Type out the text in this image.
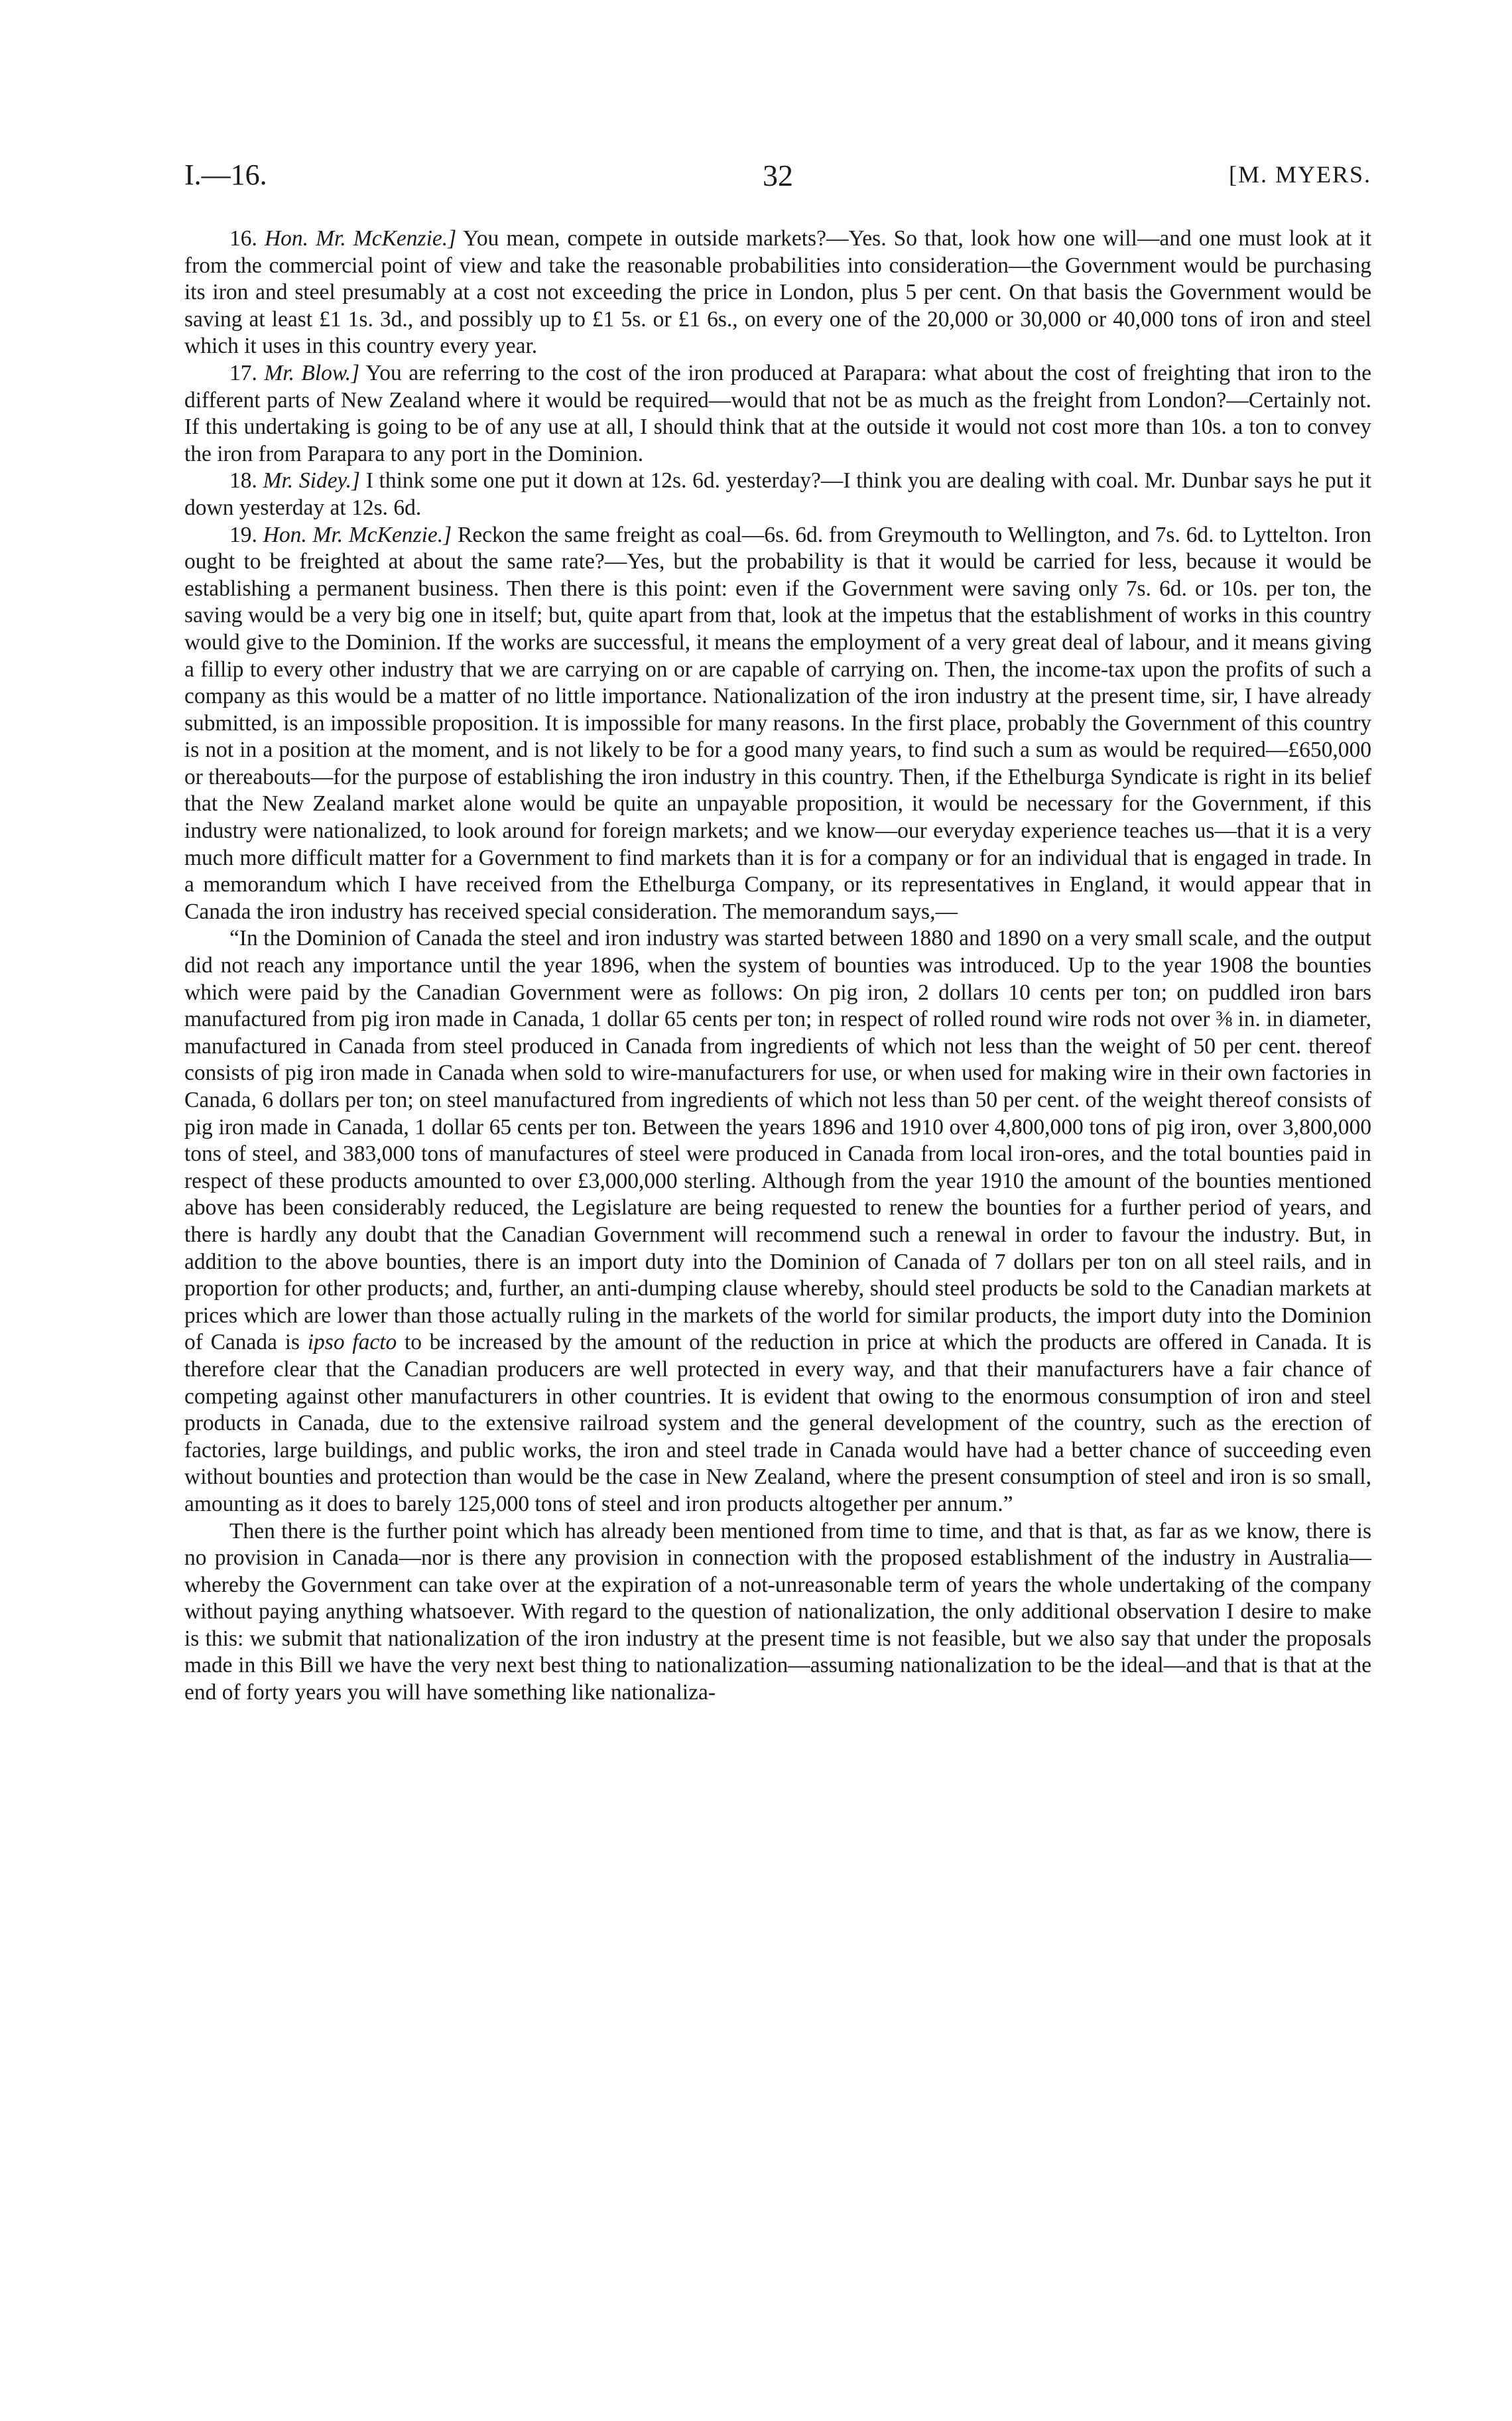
I.—16.	32	[M. MYERS.

16. Hon. Mr. McKenzie.] You mean, compete in outside markets?—Yes. So that, look how one will—and one must look at it from the commercial point of view and take the reasonable probabilities into consideration—the Government would be purchasing its iron and steel presumably at a cost not exceeding the price in London, plus 5 per cent. On that basis the Government would be saving at least £1 1s. 3d., and possibly up to £1 5s. or £1 6s., on every one of the 20,000 or 30,000 or 40,000 tons of iron and steel which it uses in this country every year.

17. Mr. Blow.] You are referring to the cost of the iron produced at Parapara: what about the cost of freighting that iron to the different parts of New Zealand where it would be required—would that not be as much as the freight from London?—Certainly not. If this undertaking is going to be of any use at all, I should think that at the outside it would not cost more than 10s. a ton to convey the iron from Parapara to any port in the Dominion.

18. Mr. Sidey.] I think some one put it down at 12s. 6d. yesterday?—I think you are dealing with coal. Mr. Dunbar says he put it down yesterday at 12s. 6d.

19. Hon. Mr. McKenzie.] Reckon the same freight as coal—6s. 6d. from Greymouth to Wellington, and 7s. 6d. to Lyttelton. Iron ought to be freighted at about the same rate?—Yes, but the probability is that it would be carried for less, because it would be establishing a permanent business. Then there is this point: even if the Government were saving only 7s. 6d. or 10s. per ton, the saving would be a very big one in itself; but, quite apart from that, look at the impetus that the establishment of works in this country would give to the Dominion. If the works are successful, it means the employment of a very great deal of labour, and it means giving a fillip to every other industry that we are carrying on or are capable of carrying on. Then, the income-tax upon the profits of such a company as this would be a matter of no little importance. Nationalization of the iron industry at the present time, sir, I have already submitted, is an impossible proposition. It is impossible for many reasons. In the first place, probably the Government of this country is not in a position at the moment, and is not likely to be for a good many years, to find such a sum as would be required—£650,000 or thereabouts—for the purpose of establishing the iron industry in this country. Then, if the Ethelburga Syndicate is right in its belief that the New Zealand market alone would be quite an unpayable proposition, it would be necessary for the Government, if this industry were nationalized, to look around for foreign markets; and we know—our everyday experience teaches us—that it is a very much more difficult matter for a Government to find markets than it is for a company or for an individual that is engaged in trade. In a memorandum which I have received from the Ethelburga Company, or its representatives in England, it would appear that in Canada the iron industry has received special consideration. The memorandum says,—

“In the Dominion of Canada the steel and iron industry was started between 1880 and 1890 on a very small scale, and the output did not reach any importance until the year 1896, when the system of bounties was introduced. Up to the year 1908 the bounties which were paid by the Canadian Government were as follows: On pig iron, 2 dollars 10 cents per ton; on puddled iron bars manufactured from pig iron made in Canada, 1 dollar 65 cents per ton; in respect of rolled round wire rods not over ⅜ in. in diameter, manufactured in Canada from steel produced in Canada from ingredients of which not less than the weight of 50 per cent. thereof consists of pig iron made in Canada when sold to wire-manufacturers for use, or when used for making wire in their own factories in Canada, 6 dollars per ton; on steel manufactured from ingredients of which not less than 50 per cent. of the weight thereof consists of pig iron made in Canada, 1 dollar 65 cents per ton. Between the years 1896 and 1910 over 4,800,000 tons of pig iron, over 3,800,000 tons of steel, and 383,000 tons of manufactures of steel were produced in Canada from local iron-ores, and the total bounties paid in respect of these products amounted to over £3,000,000 sterling. Although from the year 1910 the amount of the bounties mentioned above has been considerably reduced, the Legislature are being requested to renew the bounties for a further period of years, and there is hardly any doubt that the Canadian Government will recommend such a renewal in order to favour the industry. But, in addition to the above bounties, there is an import duty into the Dominion of Canada of 7 dollars per ton on all steel rails, and in proportion for other products; and, further, an anti-dumping clause whereby, should steel products be sold to the Canadian markets at prices which are lower than those actually ruling in the markets of the world for similar products, the import duty into the Dominion of Canada is ipso facto to be increased by the amount of the reduction in price at which the products are offered in Canada. It is therefore clear that the Canadian producers are well protected in every way, and that their manufacturers have a fair chance of competing against other manufacturers in other countries. It is evident that owing to the enormous consumption of iron and steel products in Canada, due to the extensive railroad system and the general development of the country, such as the erection of factories, large buildings, and public works, the iron and steel trade in Canada would have had a better chance of succeeding even without bounties and protection than would be the case in New Zealand, where the present consumption of steel and iron is so small, amounting as it does to barely 125,000 tons of steel and iron products altogether per annum.”

Then there is the further point which has already been mentioned from time to time, and that is that, as far as we know, there is no provision in Canada—nor is there any provision in connection with the proposed establishment of the industry in Australia—whereby the Government can take over at the expiration of a not-unreasonable term of years the whole undertaking of the company without paying anything whatsoever. With regard to the question of nationalization, the only additional observation I desire to make is this: we submit that nationalization of the iron industry at the present time is not feasible, but we also say that under the proposals made in this Bill we have the very next best thing to nationalization—assuming nationalization to be the ideal—and that is that at the end of forty years you will have something like nationaliza-
